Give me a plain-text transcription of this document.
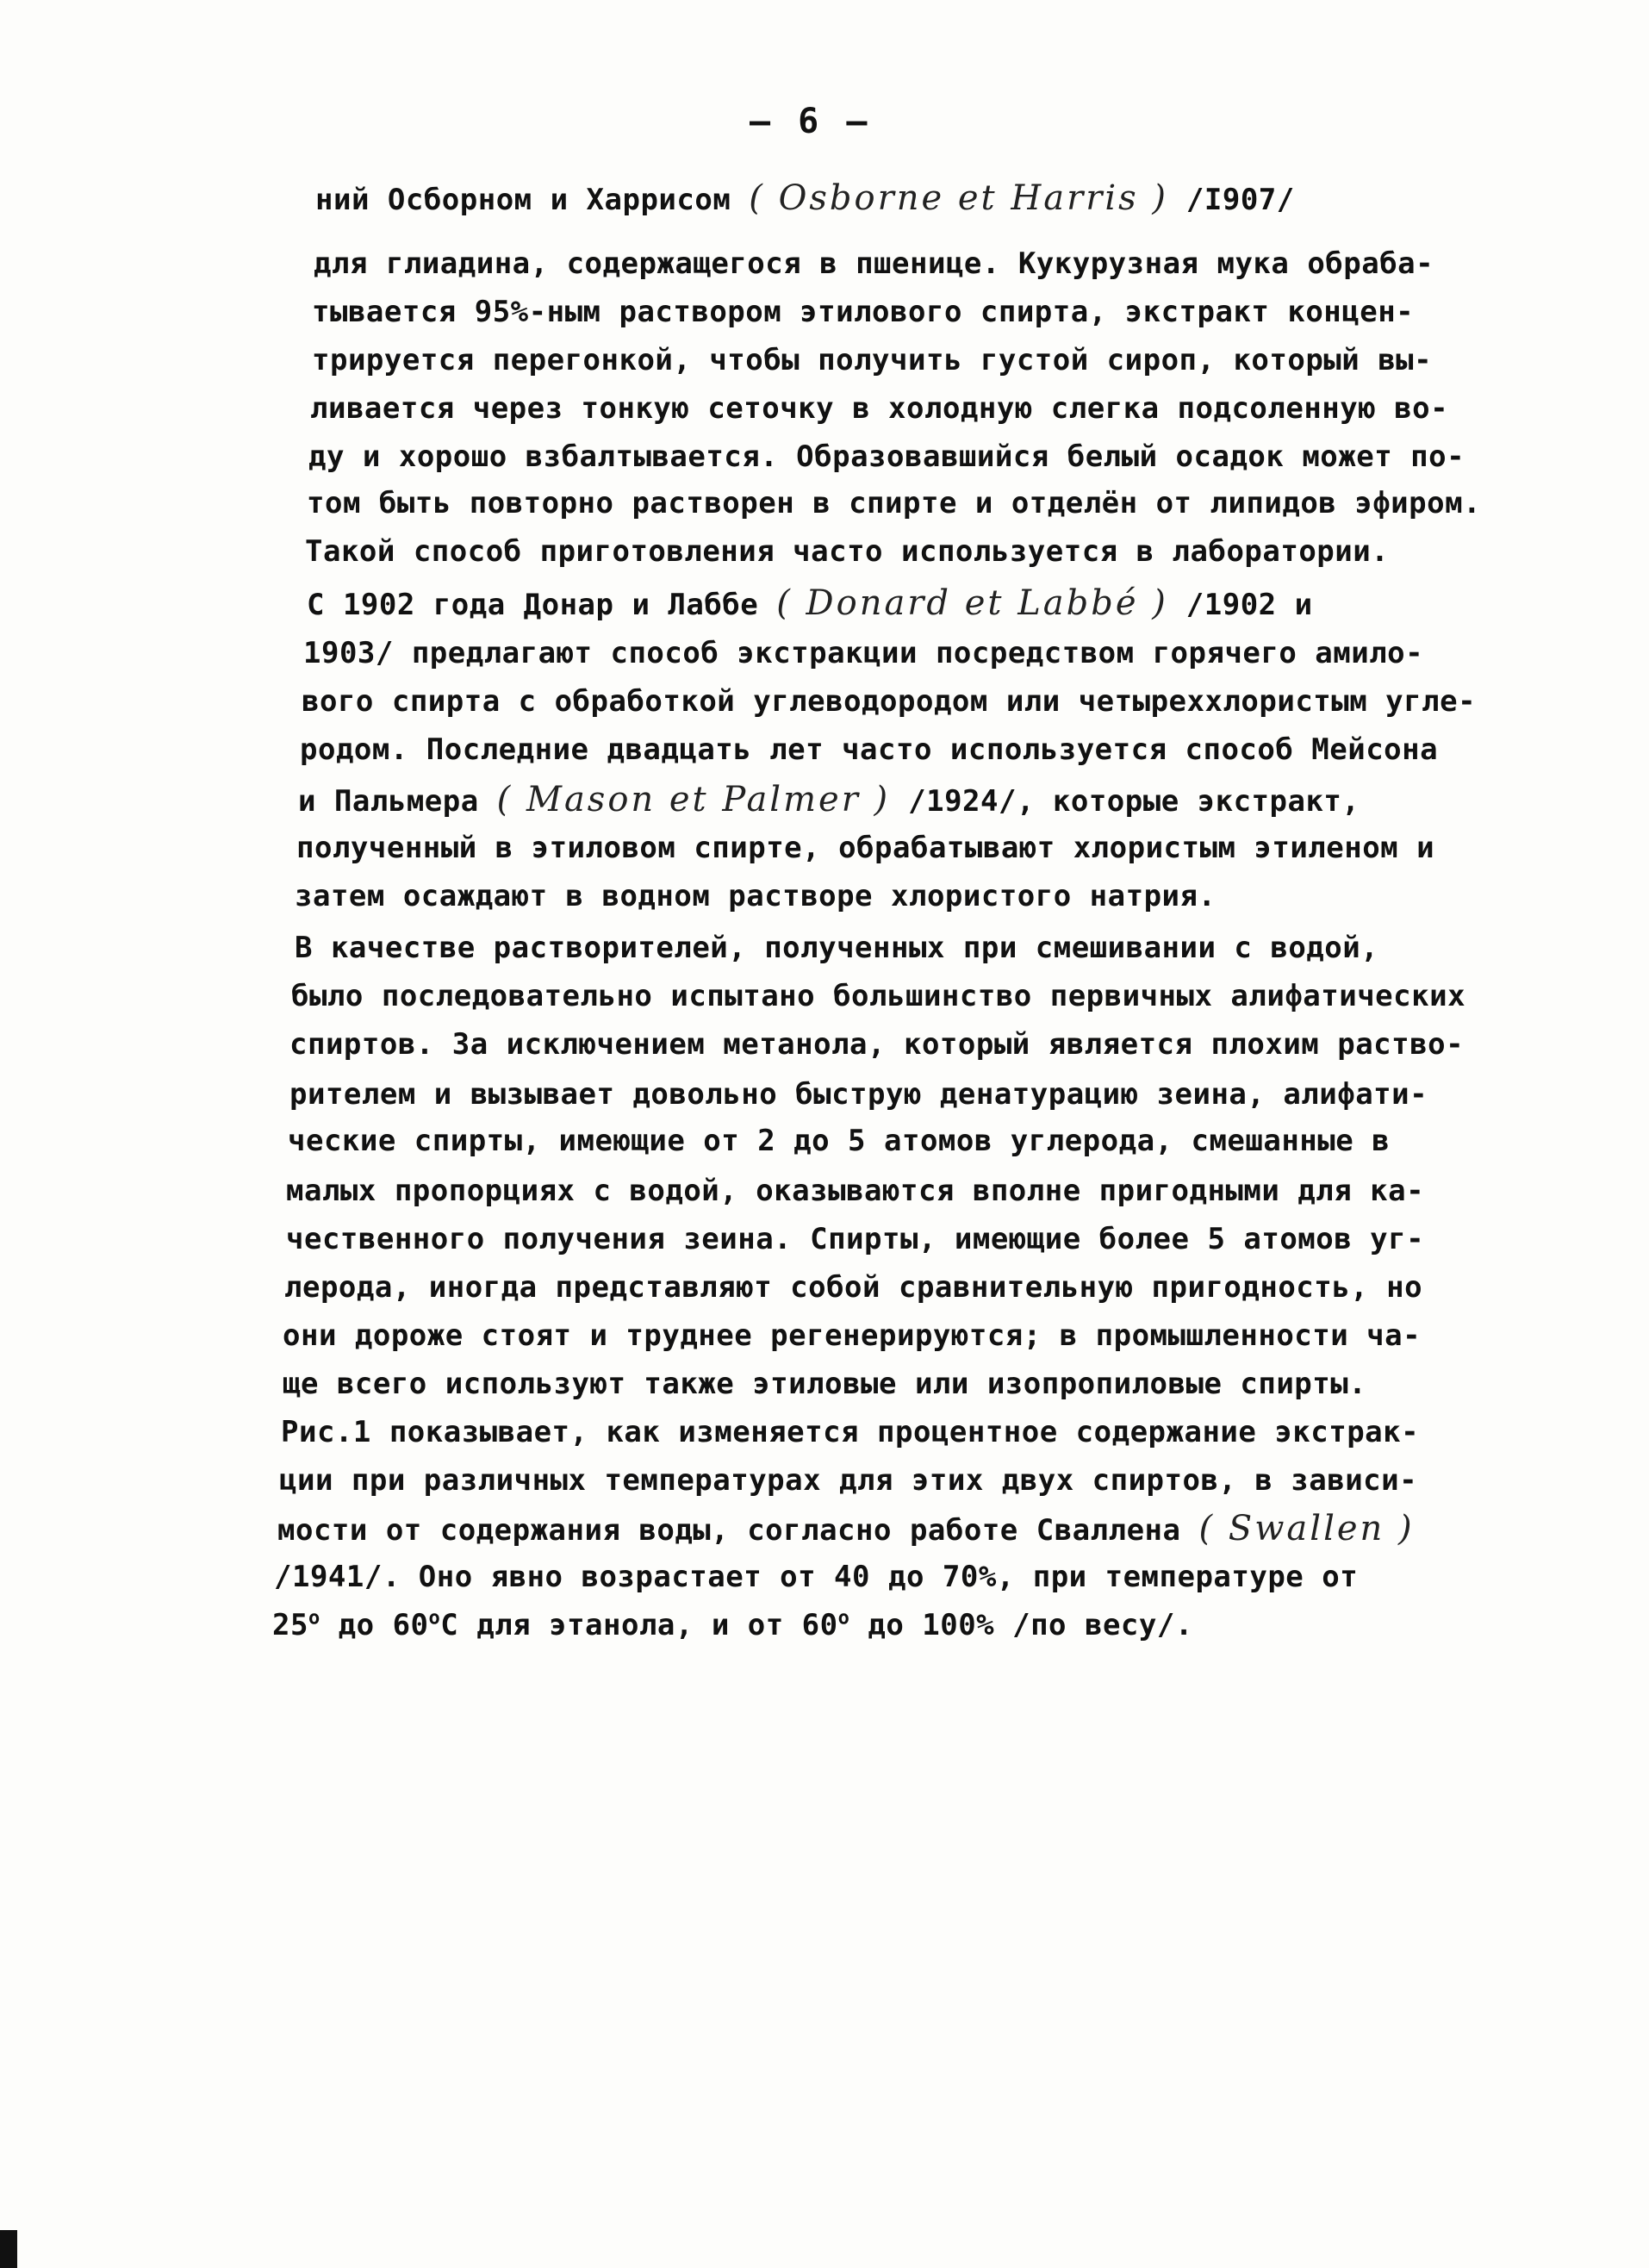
– 6 –
ний Осборном и Харрисом ( Osborne et Harris ) /I907/
для глиадина, содержащегося в пшенице. Кукурузная мука обраба-
тывается 95%-ным раствором этилового спирта, экстракт концен-
трируется перегонкой, чтобы получить густой сироп, который вы-
ливается через тонкую сеточку в холодную слегка подсоленную во-
ду и хорошо взбалтывается. Образовавшийся белый осадок может по-
том быть повторно растворен в спирте и отделён от липидов эфиром.
Такой способ приготовления часто используется в лаборатории.
С 1902 года Донар и Лаббе ( Donard et Labbé ) /1902 и
1903/ предлагают способ экстракции посредством горячего амило-
вого спирта с обработкой углеводородом или четыреххлористым угле-
родом. Последние двадцать лет часто используется способ Мейсона
и Пальмера ( Mason et Palmer ) /1924/, которые экстракт,
полученный в этиловом спирте, обрабатывают хлористым этиленом и
затем осаждают в водном растворе хлористого натрия.
В качестве растворителей, полученных при смешивании с водой,
было последовательно испытано большинство первичных алифатических
спиртов. За исключением метанола, который является плохим раство-
рителем и вызывает довольно быструю денатурацию зеина, алифати-
ческие спирты, имеющие от 2 до 5 атомов углерода, смешанные в
малых пропорциях с водой, оказываются вполне пригодными для ка-
чественного получения зеина. Спирты, имеющие более 5 атомов уг-
лерода, иногда представляют собой сравнительную пригодность, но
они дороже стоят и труднее регенерируются; в промышленности ча-
ще всего используют также этиловые или изопропиловые спирты.
Рис.1 показывает, как изменяется процентное содержание экстрак-
ции при различных температурах для этих двух спиртов, в зависи-
мости от содержания воды, согласно работе Сваллена ( Swallen )
/1941/. Оно явно возрастает от 40 до 70%, при температуре от
25$^o$ до 60$^o$С для этанола, и от 60$^o$ до 100% /по весу/.
